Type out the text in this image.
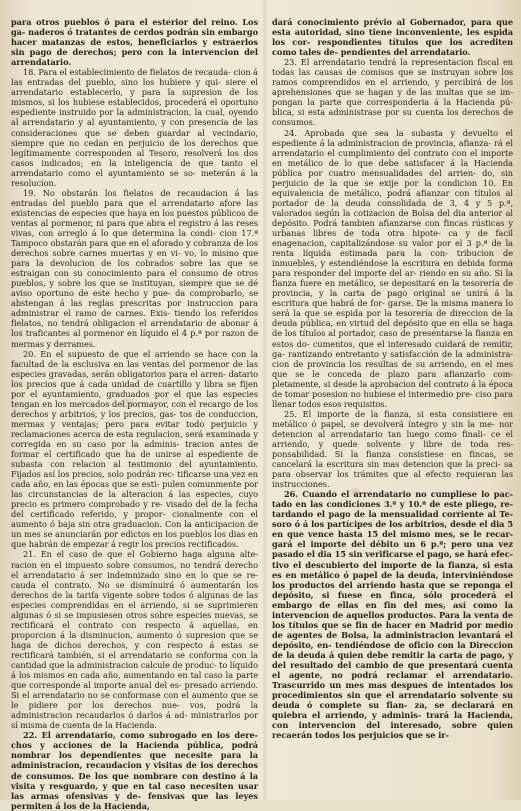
para otros pueblos ó para el esterior del reino. Los ga- naderos ó tratantes de cerdos podrán sin embargo hacer matanzas de estos, beneficiarlos y estraerlos sin pago de derechos; pero con la intervencion del arrendatario.

18. Para el establecimiento de fielatos de recauda- cion á las entradas del pueblo, sino los hubiere y qui- siere el arrendatario establecerlo, y para la supresion de los mismos, si los hubiese establecidos, procederá el oportuno espediente instruido por la administracion, la cual, oyendo al arrendatario y al ayuntamiento, y con presencia de las consideraciones que se deben guardar al vecindario, siempre que no cedan en perjuicio de los derechos que legítimamente corresponden al Tesoro, resolverá los dos casos indicados; en la inteligencia de que tanto el arrendatario como el ayuntamiento se so- meterán á la resolucion.

19. No obstarán los fielatos de recaudacion á las entradas del pueblo para que el arrendatario afore las existencias de especies que haya en los puestos públicos de ventas al pormenor, ni para que abra el registro á las reses vivas, con arreglo á lo que determina la condi- cion 17.ª Tampoco obstarán para que en el aforado y cobranza de los derechos sobre carnes muertas y en vi- vo, lo mismo que para la devolucion de los cobrados sobre las que se estraigan con su conocimiento para el consumo de otros pueblos, y sobre los que se instituyan, siempre que se dé aviso oportuno de este hecho y pue- da comprobarlo, se abstengan á las reglas prescritas por instruccion para administrar el ramo de carnes. Exis- tiendo los referidos fielatos, no tendrá obligacion el arrendatario de abonar á los traficantes al pormenor en líquido el 4 p.ª por razon de mermas y derrames.

20. En el supuesto de que el arriendo se hace con la facultad de la esclusiva en las ventas del pormenor de las especies gravadas, serán obligatorios para el arren- datario los precios que á cada unidad de cuartillo y libra se fijen por el ayuntamiento, graduados por el que las especies tengan en los mercados del pormayor, con el recargo de los derechos y arbitrios, y los precios, gas- tos de conduccion, mermas y ventajas; pero para evitar todo perjuicio y reclamaciones acerca de esta regulacion, será examinada y corregida en su caso por la adminis- tracion antes de formar el certificado que ha de unirse al espediente de subasta con relacion al testimonio del ayuntamiento. Fijados así los precios, solo podrán rec- tificarse una vez en cada año, en las épocas que se esti- pulen comunmente por las circunstancias de la alteracion á las especies, cuyo precio es primero comprobado y re- visado del de la fecha del certificado referido, y propor- cionalmente con el aumento ó baja sin otra graduacion. Con la anticipacion de un mes se anunciarán por edictos en los pueblos los dias en que habrán de empezar á regir los precios rectificados.

21. En el caso de que el Gobierno haga alguna alte- racion en el impuesto sobre consumos, no tendrá derecho el arrendatario á ser indemnizado sino en lo que se re- cauda el contrato. No se dismínuirá ó aumentarán los derechos de la tarifa vigente sobre todos ó algunas de las especies comprendidas en el arriendo, si se suprimieren algunas ó si se impusiesen otros sobre especies nuevas, se rectificará el contrato con respecto á aquellas, en proporcion á la disminucion, aumento ó supresion que se haga de dichos derechos, y con respecto á estas se rectificará también, si el arrendatario se conforma con la cantidad que la administracion calcule de produc- to líquido á los mismos en cada año, aumentando en tal caso la parte que corresponde al importe anual del es- presado arriendo. Si el arrendatario no se conformase con el aumento que se le pidiere por los derechos nue- vos, podrá la administracion recaudarlos ó darlos á ad- ministrarlos por sí misma de cuenta de la Hacienda.

22. El arrendatario, como subrogado en los dere- chos y acciones de la Hacienda pública, podrá nombrar los dependientes que necesite para la administracion, recaudacion y visitas de los derechos de consumos. De los que nombrare con destino á la visita y resguardo, y que en tal caso necesiten usar las armas ofensivas y de- fensivas que las leyes permiten á los de la Hacienda,

dará conocimiento prévio al Gobernador, para que esta autoridad, sino tiene inconveniente, les espida los cor- respondientes títulos que los acrediten como tales de- pendientes del arrendatario.

23. El arrendatario tendrá la representacion fiscal en todas las causas de comisos que se instruyan sobre los ramos comprendidos en el arriendo, y percibirá de los aprehensiones que se hagan y de las multas que se im- pongan la parte que corresponderia á la Hacienda pú- blica, si esta administrase por su cuenta los derechos de consumos.

24. Aprobada que sea la subasta y devuelto el espediente á la administracion de provincia, afianza- rá el arrendatario el cumplimiento del contrato con el importe en metálico de lo que debe satisfacer á la Hacienda pública por cuatro mensualidades del arrien- do, sin perjuicio de la que se exije por la condicion 10. En equivalencia de metálico, podrá afianzar con títulos al portador de la deuda consolidada de 3, 4 y 5 p.ª, valorados según la cotizacion de Bolsa del dia anterior al depósito. Podrá tambien afianzarse con fincas rústicas y urbanas libres de toda otra hipote- ca y de facil enagenacion, capitalizándose su valor por el 3 p.ª de la renta líquida estimada para la con- tribucion de inmuebles, y estendiéndose la escritura en debida forma para responder del importe del ar- riendo en su año. Si la fianza fuere en metálico, se depositará en la tesorería de provincia, y la carta de pago original se unirá á la escritura que habrá de for- garse. De la misma manera lo será la que se espida por la tesorería de direccion de la deuda pública, en virtud del depósito que en ella se haga de los títulos al portador, caso de presentarse la fianza en estos do- cumentos, que el interesado cuidará de remitir, ga- rantizando entretanto y satisfacción de la administra- cion de provincia los resultas de su arriendo, en el mes que se le conceda de plazo para afianzarlo com- pletamente, si desde la aprobacion del contrato á la época de tomar posesion no hubiese el intermedio pre- ciso para llenar todos esos requisitos.

25. El importe de la fianza, si esta consistiere en metálico ó papel, se devolverá íntegro y sin la me- nor detencion al arrendatario tan luego como finali- ce el arriendo, y quede solvente y libre de toda res- ponsabilidad. Si la fianza consistiese en fincas, se cancelará la escritura sin mas detencion que la preci- sa para observar los trámites que al efecto requieran las instrucciones.

26. Cuando el arrendatario no cumpliese lo pac- tado en las condiciones 3.ª y 10.ª de este pliego, re- tardando el pago de la mensualidad corriente al Te- soro ó á los partícipes de los arbitrios, desde el dia 5 en que vence hasta 15 del mismo mes, se le recar- gará el importe del débito un 6 p.ª; pero una vez pasado el dia 15 sin verificarse el pago, se hará efec- tivo el descubierto del importe de la fianza, si esta es en metálico ó papel de la deuda, interviniéndose los productos del arriendo hasta que se reponga el depósito, si fuese en finca, sólo procederá el embargo de ellas en fin del mes, así como la intervencion de aquellos productos. Para la venta de los títulos que se fin de hacer en Madrid por medio de agentes de Bolsa, la administracion levantará el depósito, en- tendiéndose de oficio con la Direccion de la deuda á quien debe remitir la carta de pago, y del resultado del cambio de que presentará cuenta el agente, no podrá reclamar el arrendatario. Trascurrido un mes mas despues de intentados los procedimientos sin que el arrendatario solvente su deuda ó complete su fian- za, se declarará en quiebra el arriendo, y adminis- trará la Hacienda, con intervencion del interesado, sobre quien recaerán todos los perjuicios que se ir-
